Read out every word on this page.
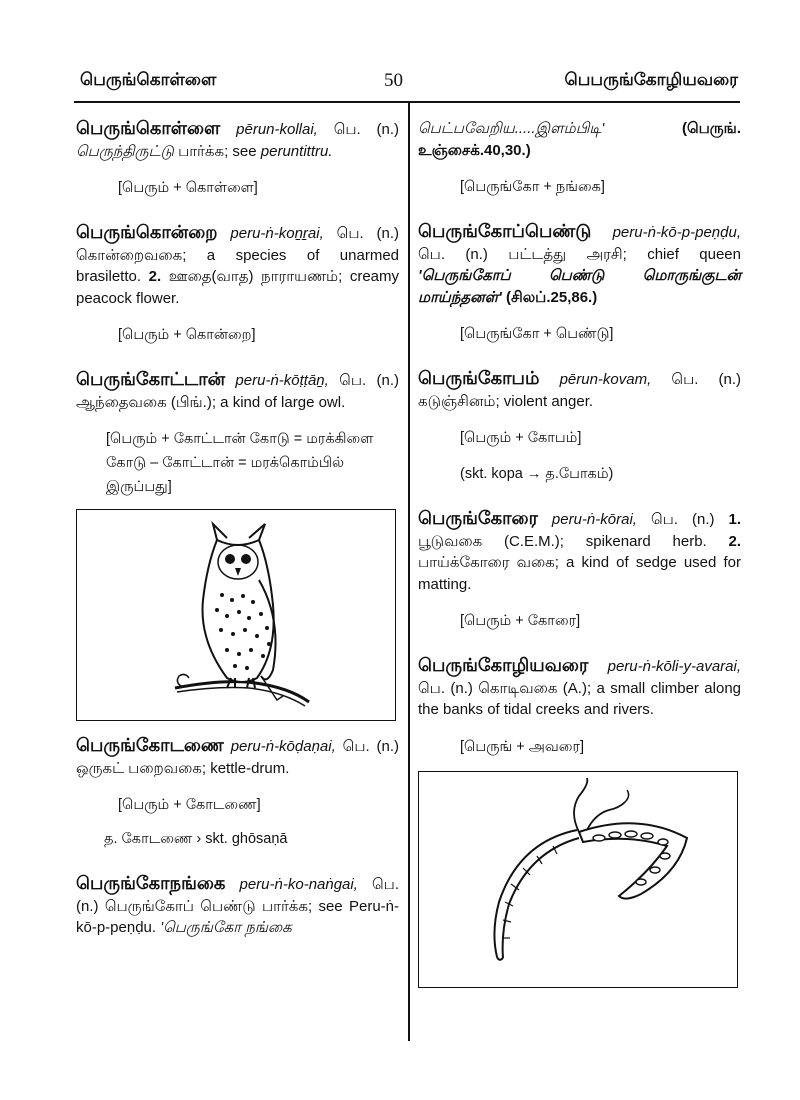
பெருங்கொள்ளை	50	பெபருங்கோழியவரை

பெருங்கொள்ளை pērun-kollai, பெ. (n.) பெருந்திருட்டு பார்க்க; see peruntittru.

[பெரும் + கொள்ளை]

பெருங்கொன்றை peru-ṅ-koṉṟai, பெ. (n.) கொன்றைவகை; a species of unarmed brasiletto. 2. ஊதை(வாத) நாராயணம்; creamy peacock flower.

[பெரும் + கொன்றை]

பெருங்கோட்டான் peru-ṅ-kōṭṭāṉ, பெ. (n.) ஆந்தைவகை (பிங்.); a kind of large owl.

[பெரும் + கோட்டான் கோடு = மரக்கிளை கோடு – கோட்டான் = மரக்கொம்பில் இருப்பது]

பெருங்கோடணை peru-ṅ-kōḍaṇai, பெ. (n.) ஒருகட் பறைவகை; kettle-drum.

[பெரும் + கோடணை]
த. கோடணை › skt. ghōsaṇā

பெருங்கோநங்கை peru-ṅ-ko-naṅgai, பெ. (n.) பெருங்கோப் பெண்டு பார்க்க; see Peru-ṅ-kō-p-peṇḍu. 'பெருங்கோ நங்கை

பெட்பவேறிய.....இளம்பிடி'	(பெருங். உஞ்சைக்.40,30.)

[பெருங்கோ + நங்கை]

பெருங்கோப்பெண்டு peru-ṅ-kō-p-peṇḍu, பெ. (n.) பட்டத்து அரசி; chief queen 'பெருங்கோப் பெண்டு மொருங்குடன் மாய்ந்தனள்' (சிலப்.25,86.)

[பெருங்கோ + பெண்டு]

பெருங்கோபம் pērun-kovam, பெ. (n.) கடுஞ்சினம்; violent anger.

[பெரும் + கோபம்]
(skt. kopa → த.போகம்)

பெருங்கோரை peru-ṅ-kōrai, பெ. (n.) 1. பூடுவகை (C.E.M.); spikenard herb. 2. பாய்க்கோரை வகை; a kind of sedge used for matting.

[பெரும் + கோரை]

பெருங்கோழியவரை peru-ṅ-kōli-y-avarai, பெ. (n.) கொடிவகை (A.); a small climber along the banks of tidal creeks and rivers.

[பெருங் + அவரை]
